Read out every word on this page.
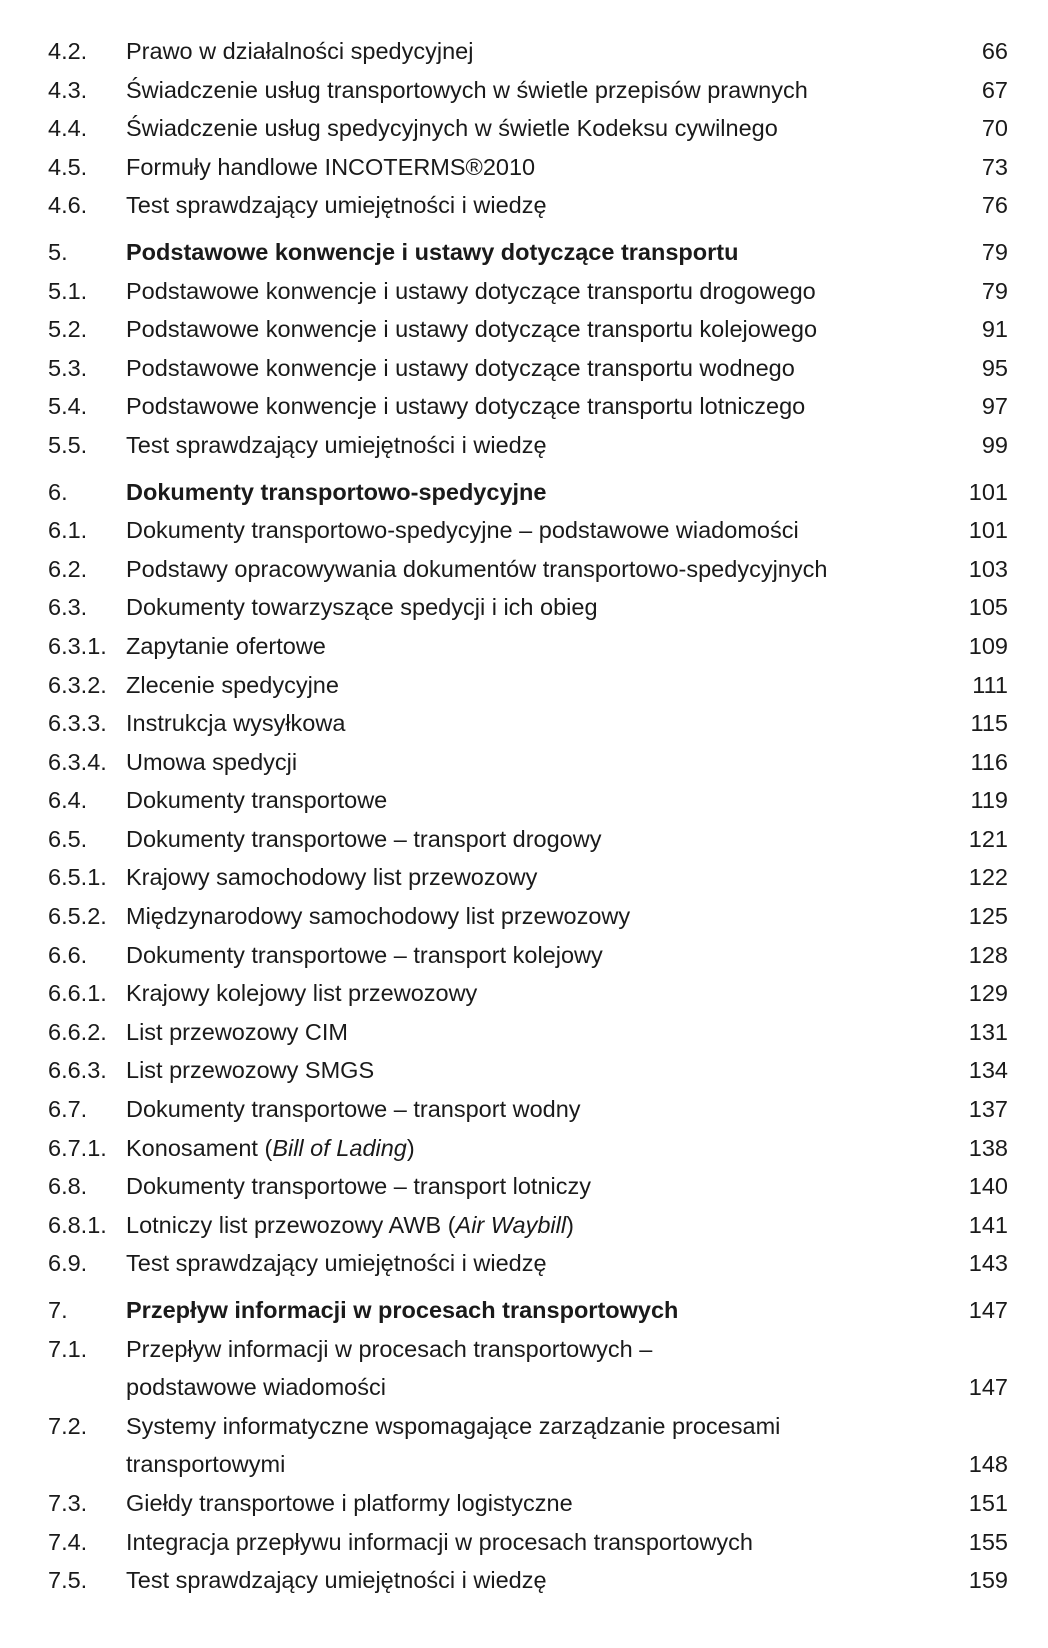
4.2.	Prawo w działalności spedycyjnej	66
4.3.	Świadczenie usług transportowych w świetle przepisów prawnych	67
4.4.	Świadczenie usług spedycyjnych w świetle Kodeksu cywilnego	70
4.5.	Formuły handlowe INCOTERMS®2010	73
4.6.	Test sprawdzający umiejętności i wiedzę	76
5.	Podstawowe konwencje i ustawy dotyczące transportu	79
5.1.	Podstawowe konwencje i ustawy dotyczące transportu drogowego	79
5.2.	Podstawowe konwencje i ustawy dotyczące transportu kolejowego	91
5.3.	Podstawowe konwencje i ustawy dotyczące transportu wodnego	95
5.4.	Podstawowe konwencje i ustawy dotyczące transportu lotniczego	97
5.5.	Test sprawdzający umiejętności i wiedzę	99
6.	Dokumenty transportowo-spedycyjne	101
6.1.	Dokumenty transportowo-spedycyjne – podstawowe wiadomości	101
6.2.	Podstawy opracowywania dokumentów transportowo-spedycyjnych	103
6.3.	Dokumenty towarzyszące spedycji i ich obieg	105
6.3.1. Zapytanie ofertowe	109
6.3.2. Zlecenie spedycyjne	111
6.3.3. Instrukcja wysyłkowa	115
6.3.4. Umowa spedycji	116
6.4.	Dokumenty transportowe	119
6.5.	Dokumenty transportowe – transport drogowy	121
6.5.1. Krajowy samochodowy list przewozowy	122
6.5.2. Międzynarodowy samochodowy list przewozowy	125
6.6.	Dokumenty transportowe – transport kolejowy	128
6.6.1. Krajowy kolejowy list przewozowy	129
6.6.2. List przewozowy CIM	131
6.6.3. List przewozowy SMGS	134
6.7.	Dokumenty transportowe – transport wodny	137
6.7.1. Konosament (Bill of Lading)	138
6.8.	Dokumenty transportowe – transport lotniczy	140
6.8.1. Lotniczy list przewozowy AWB (Air Waybill)	141
6.9.	Test sprawdzający umiejętności i wiedzę	143
7.	Przepływ informacji w procesach transportowych	147
7.1.	Przepływ informacji w procesach transportowych –
podstawowe wiadomości	147
7.2.	Systemy informatyczne wspomagające zarządzanie procesami
transportowymi	148
7.3.	Giełdy transportowe i platformy logistyczne	151
7.4.	Integracja przepływu informacji w procesach transportowych	155
7.5.	Test sprawdzający umiejętności i wiedzę	159
